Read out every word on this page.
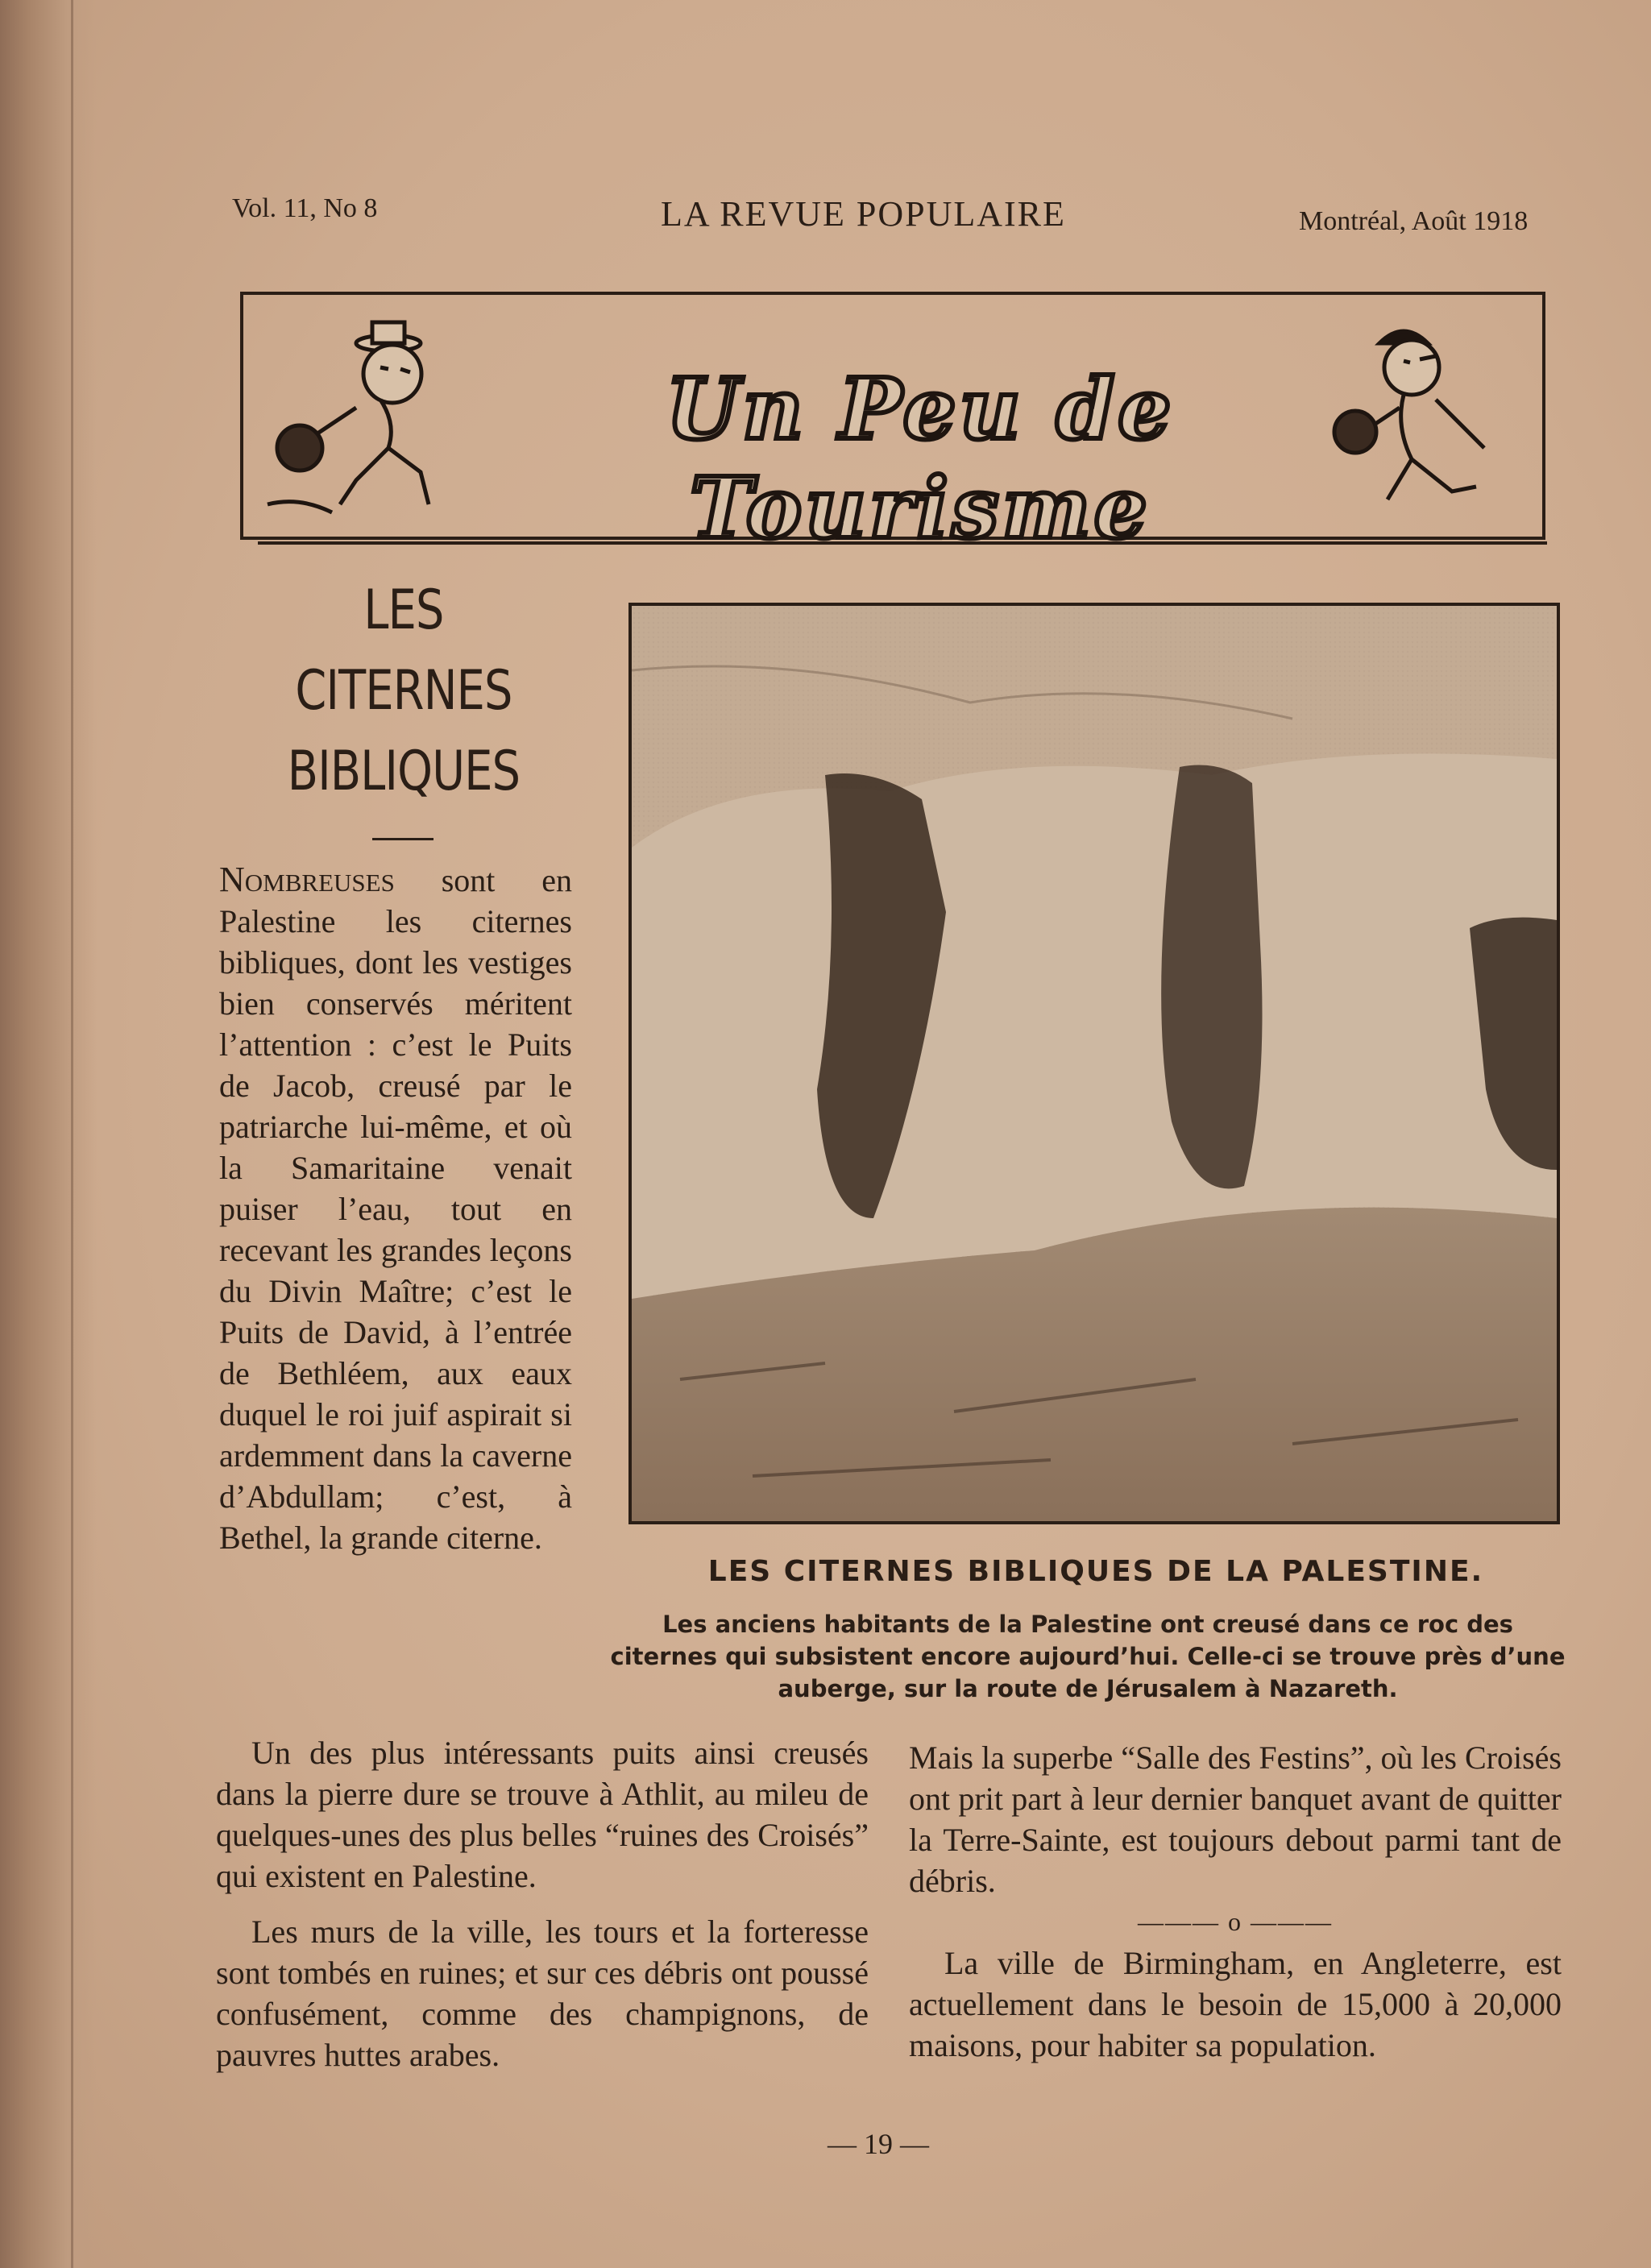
Vol. 11, No 8	LA REVUE POPULAIRE	Montréal, Août 1918
Un Peu de Tourisme
LES
CITERNES
BIBLIQUES

Nombreuses sont en Palestine les citernes bibliques, dont les vestiges bien conservés méritent l’attention : c’est le Puits de Jacob, creusé par le patriarche lui-même, et où la Samaritaine venait puiser l’eau, tout en recevant les grandes leçons du Divin Maître; c’est le Puits de David, à l’entrée de Bethléem, aux eaux duquel le roi juif aspirait si ardemment dans la caverne d’Abdullam; c’est, à Bethel, la grande citerne.

LES CITERNES BIBLIQUES DE LA PALESTINE.
Les anciens habitants de la Palestine ont creusé dans ce roc des citernes qui subsistent encore aujourd’hui. Celle-ci se trouve près d’une auberge, sur la route de Jérusalem à Nazareth.

Un des plus intéressants puits ainsi creusés dans la pierre dure se trouve à Athlit, au mileu de quelques-unes des plus belles “ruines des Croisés” qui existent en Palestine.

Les murs de la ville, les tours et la forteresse sont tombés en ruines; et sur ces débris ont poussé confusément, comme des champignons, de pauvres huttes arabes.

Mais la superbe “Salle des Festins”, où les Croisés ont prit part à leur dernier banquet avant de quitter la Terre-Sainte, est toujours debout parmi tant de débris.

——— o ———

La ville de Birmingham, en Angleterre, est actuellement dans le besoin de 15,000 à 20,000 maisons, pour habiter sa population.

— 19 —
